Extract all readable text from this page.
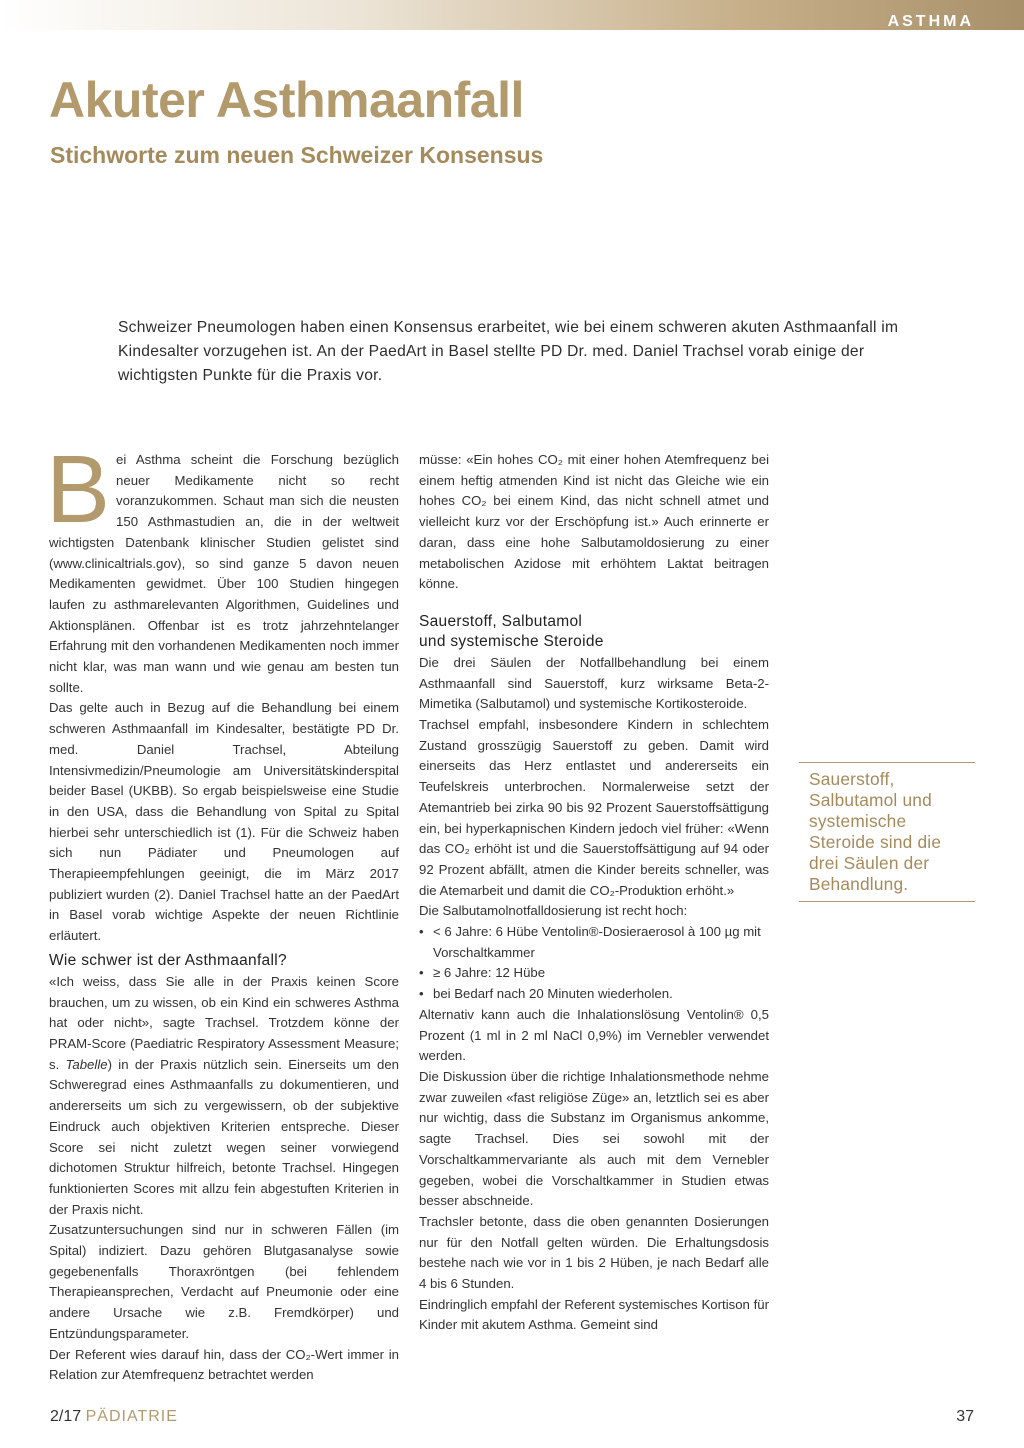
ASTHMA
Akuter Asthmaanfall
Stichworte zum neuen Schweizer Konsensus

Schweizer Pneumologen haben einen Konsensus erarbeitet, wie bei einem schweren akuten Asthmaanfall im Kindesalter vorzugehen ist. An der PaedArt in Basel stellte PD Dr. med. Daniel Trachsel vorab einige der wichtigsten Punkte für die Praxis vor.

Bei Asthma scheint die Forschung bezüglich neuer Medikamente nicht so recht voranzukommen. Schaut man sich die neusten 150 Asthmastudien an, die in der weltweit wichtigsten Datenbank klinischer Studien gelistet sind (www.clinicaltrials.gov), so sind ganze 5 davon neuen Medikamenten gewidmet. Über 100 Studien hingegen laufen zu asthmarelevanten Algorithmen, Guidelines und Aktionsplänen. Offenbar ist es trotz jahrzehntelanger Erfahrung mit den vorhandenen Medikamenten noch immer nicht klar, was man wann und wie genau am besten tun sollte.

Das gelte auch in Bezug auf die Behandlung bei einem schweren Asthmaanfall im Kindesalter, bestätigte PD Dr. med. Daniel Trachsel, Abteilung Intensivmedizin/Pneumologie am Universitätskinderspital beider Basel (UKBB). So ergab beispielsweise eine Studie in den USA, dass die Behandlung von Spital zu Spital hierbei sehr unterschiedlich ist (1). Für die Schweiz haben sich nun Pädiater und Pneumologen auf Therapieempfehlungen geeinigt, die im März 2017 publiziert wurden (2). Daniel Trachsel hatte an der PaedArt in Basel vorab wichtige Aspekte der neuen Richtlinie erläutert.

Wie schwer ist der Asthmaanfall?

«Ich weiss, dass Sie alle in der Praxis keinen Score brauchen, um zu wissen, ob ein Kind ein schweres Asthma hat oder nicht», sagte Trachsel. Trotzdem könne der PRAM-Score (Paediatric Respiratory Assessment Measure; s. Tabelle) in der Praxis nützlich sein. Einerseits um den Schweregrad eines Asthmaanfalls zu dokumentieren, und andererseits um sich zu vergewissern, ob der subjektive Eindruck auch objektiven Kriterien entspreche. Dieser Score sei nicht zuletzt wegen seiner vorwiegend dichotomen Struktur hilfreich, betonte Trachsel. Hingegen funktionierten Scores mit allzu fein abgestuften Kriterien in der Praxis nicht.

Zusatzuntersuchungen sind nur in schweren Fällen (im Spital) indiziert. Dazu gehören Blutgasanalyse sowie gegebenenfalls Thoraxröntgen (bei fehlendem Therapieansprechen, Verdacht auf Pneumonie oder eine andere Ursache wie z.B. Fremdkörper) und Entzündungsparameter.

Der Referent wies darauf hin, dass der CO₂-Wert immer in Relation zur Atemfrequenz betrachtet werden

müsse: «Ein hohes CO₂ mit einer hohen Atemfrequenz bei einem heftig atmenden Kind ist nicht das Gleiche wie ein hohes CO₂ bei einem Kind, das nicht schnell atmet und vielleicht kurz vor der Erschöpfung ist.» Auch erinnerte er daran, dass eine hohe Salbutamoldosierung zu einer metabolischen Azidose mit erhöhtem Laktat beitragen könne.

Sauerstoff, Salbutamol
und systemische Steroide

Die drei Säulen der Notfallbehandlung bei einem Asthmaanfall sind Sauerstoff, kurz wirksame Beta-2-Mimetika (Salbutamol) und systemische Kortikosteroide.

Trachsel empfahl, insbesondere Kindern in schlechtem Zustand grosszügig Sauerstoff zu geben. Damit wird einerseits das Herz entlastet und andererseits ein Teufelskreis unterbrochen. Normalerweise setzt der Atemantrieb bei zirka 90 bis 92 Prozent Sauerstoffsättigung ein, bei hyperkapnischen Kindern jedoch viel früher: «Wenn das CO₂ erhöht ist und die Sauerstoffsättigung auf 94 oder 92 Prozent abfällt, atmen die Kinder bereits schneller, was die Atemarbeit und damit die CO₂-Produktion erhöht.»

Die Salbutamolnotfalldosierung ist recht hoch:

• < 6 Jahre: 6 Hübe Ventolin®-Dosieraerosol à 100 µg mit Vorschaltkammer
• ≥ 6 Jahre: 12 Hübe
• bei Bedarf nach 20 Minuten wiederholen.

Alternativ kann auch die Inhalationslösung Ventolin® 0,5 Prozent (1 ml in 2 ml NaCl 0,9%) im Vernebler verwendet werden.

Die Diskussion über die richtige Inhalationsmethode nehme zwar zuweilen «fast religiöse Züge» an, letztlich sei es aber nur wichtig, dass die Substanz im Organismus ankomme, sagte Trachsel. Dies sei sowohl mit der Vorschaltkammervariante als auch mit dem Vernebler gegeben, wobei die Vorschaltkammer in Studien etwas besser abschneide.

Trachsler betonte, dass die oben genannten Dosierungen nur für den Notfall gelten würden. Die Erhaltungsdosis bestehe nach wie vor in 1 bis 2 Hüben, je nach Bedarf alle 4 bis 6 Stunden.

Eindringlich empfahl der Referent systemisches Kortison für Kinder mit akutem Asthma. Gemeint sind

Sauerstoff, Salbutamol und systemische Steroide sind die drei Säulen der Behandlung.
2/17 PÄDIATRIE	37
